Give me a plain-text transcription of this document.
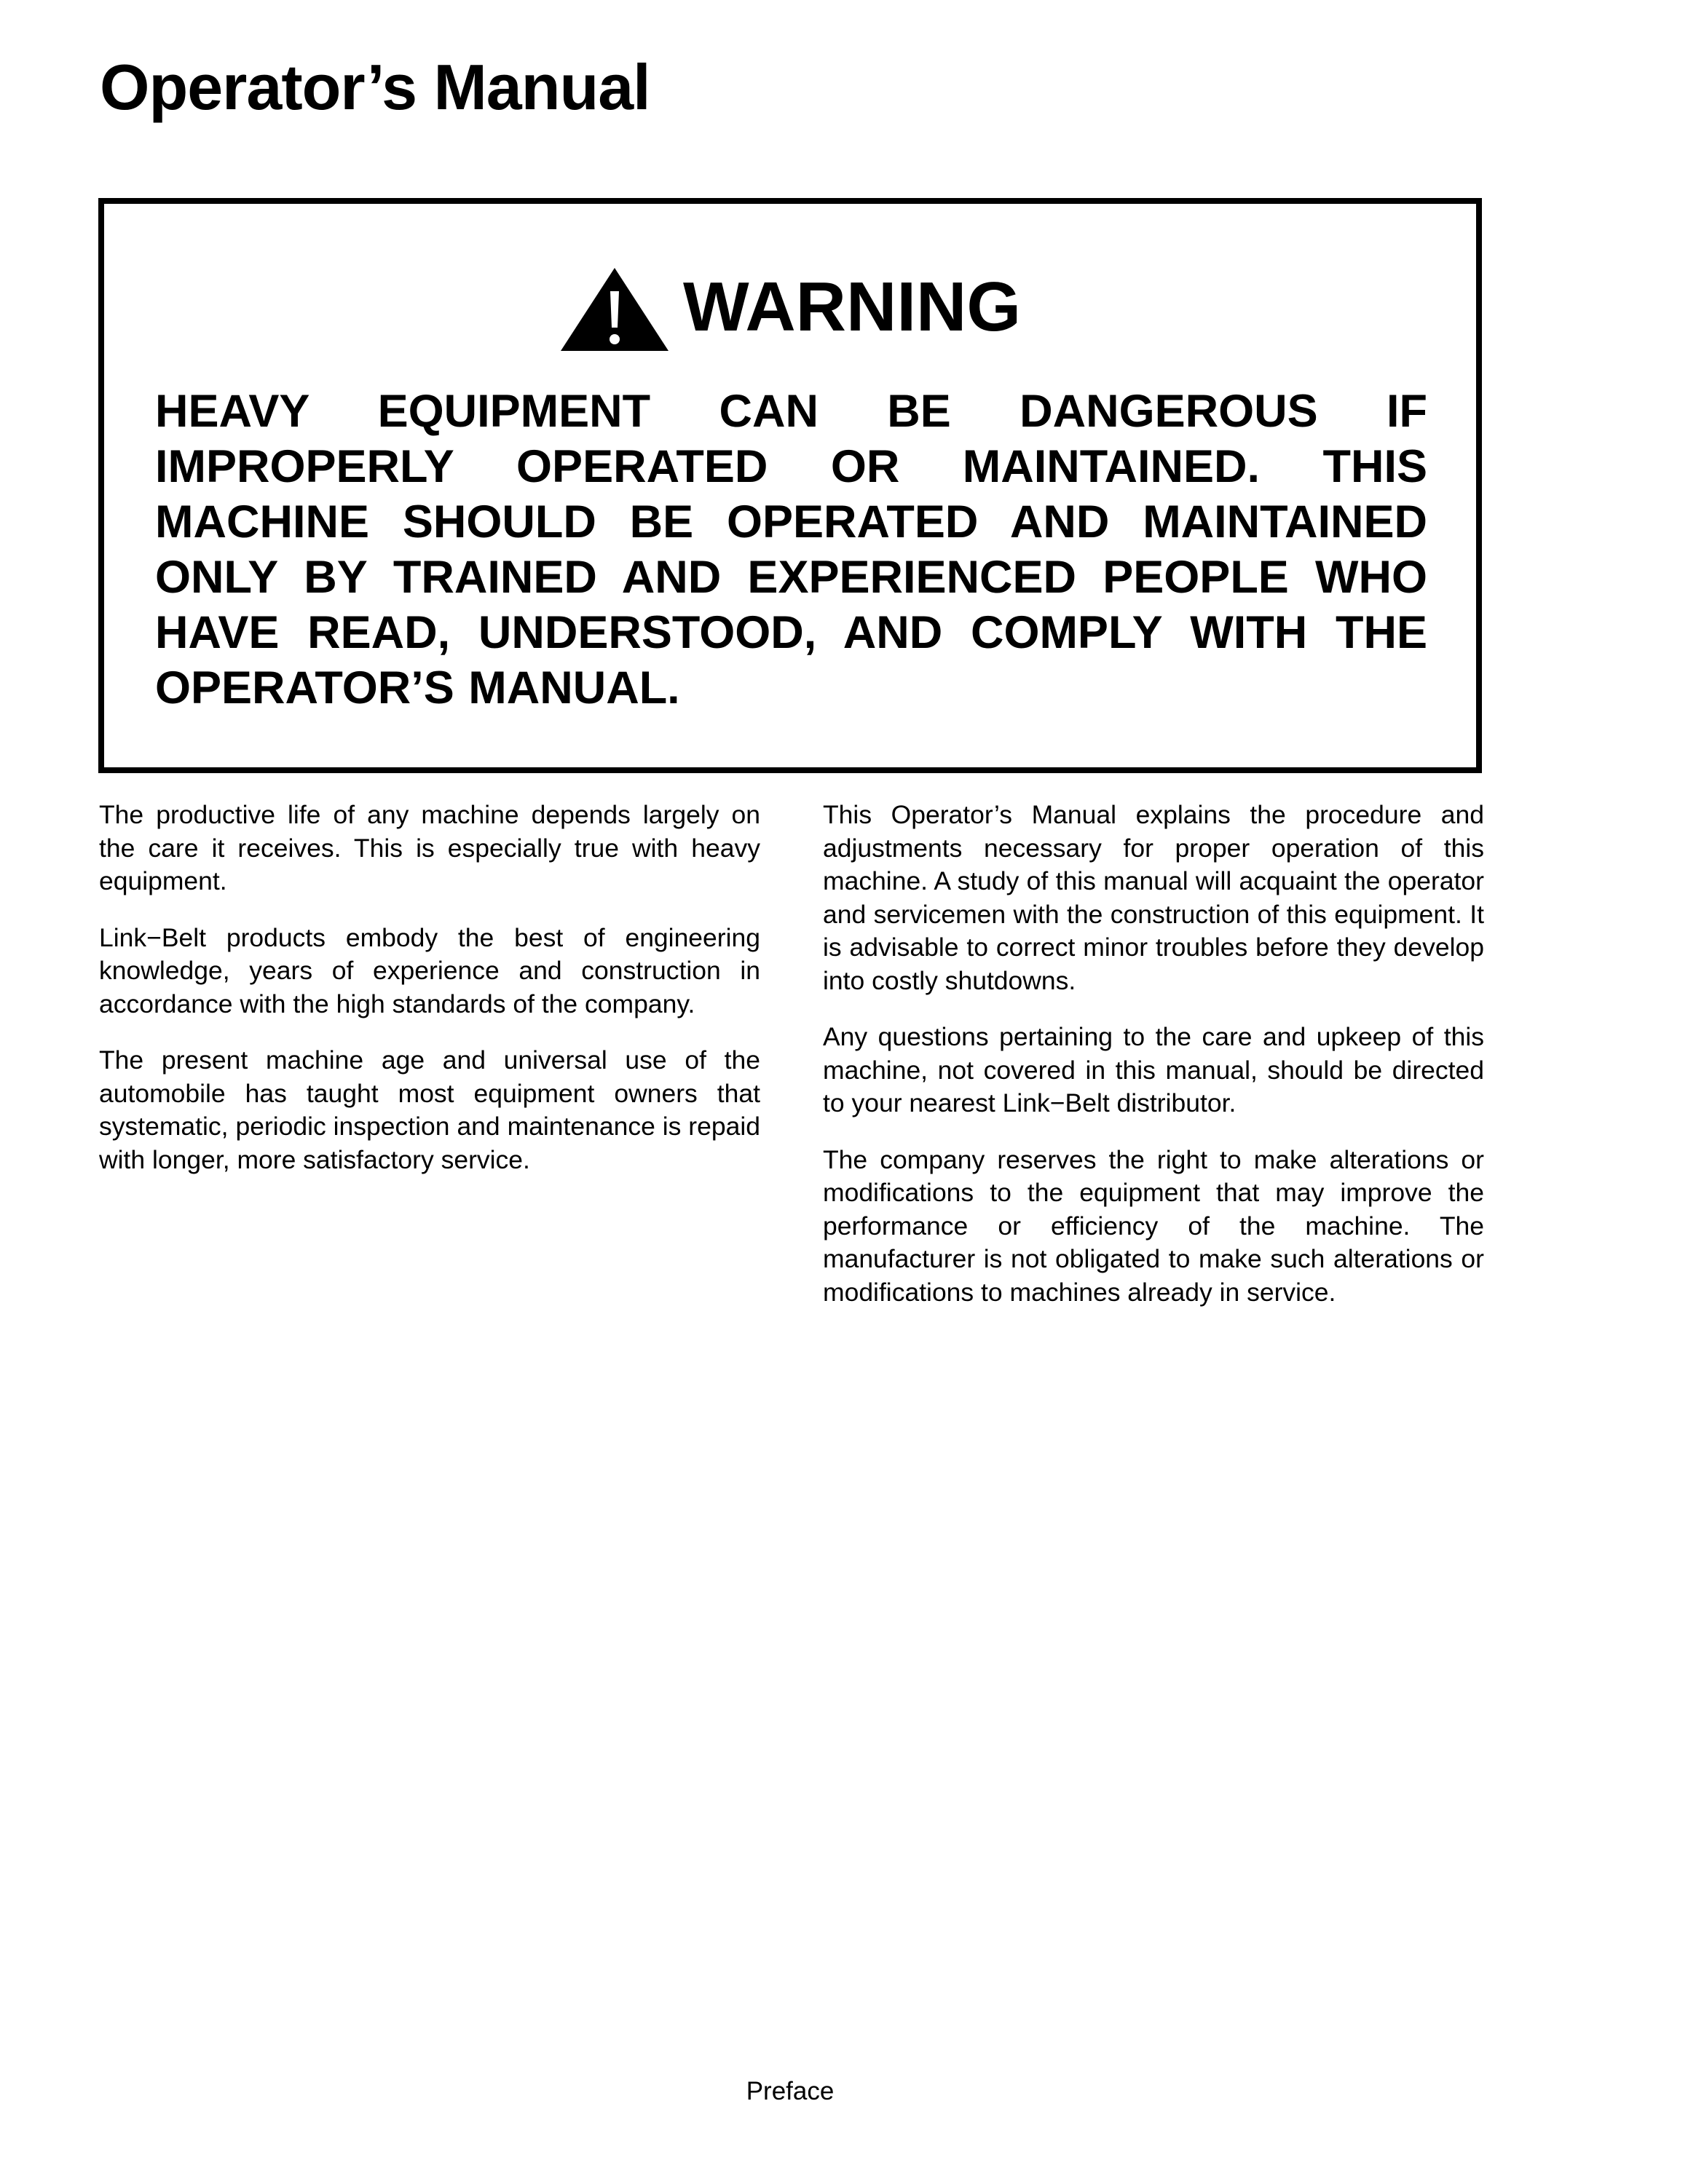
Operator’s Manual
WARNING

HEAVY EQUIPMENT CAN BE DANGEROUS IF IMPROPERLY OPERATED OR MAINTAINED. THIS MACHINE SHOULD BE OPERATED AND MAINTAINED ONLY BY TRAINED AND EXPERIENCED PEOPLE WHO HAVE READ, UNDERSTOOD, AND COMPLY WITH THE OPERATOR’S MANUAL.

The productive life of any machine depends largely on the care it receives. This is especially true with heavy equipment.

Link−Belt products embody the best of engineering knowledge, years of experience and construction in accordance with the high standards of the company.

The present machine age and universal use of the automobile has taught most equipment owners that systematic, periodic inspection and maintenance is repaid with longer, more satisfactory service.

This Operator’s Manual explains the procedure and adjustments necessary for proper operation of this machine. A study of this manual will acquaint the operator and servicemen with the construction of this equipment. It is advisable to correct minor troubles before they develop into costly shutdowns.

Any questions pertaining to the care and upkeep of this machine, not covered in this manual, should be directed to your nearest Link−Belt distributor.

The company reserves the right to make alterations or modifications to the equipment that may improve the performance or efficiency of the machine. The manufacturer is not obligated to make such alterations or modifications to machines already in service.

Preface
